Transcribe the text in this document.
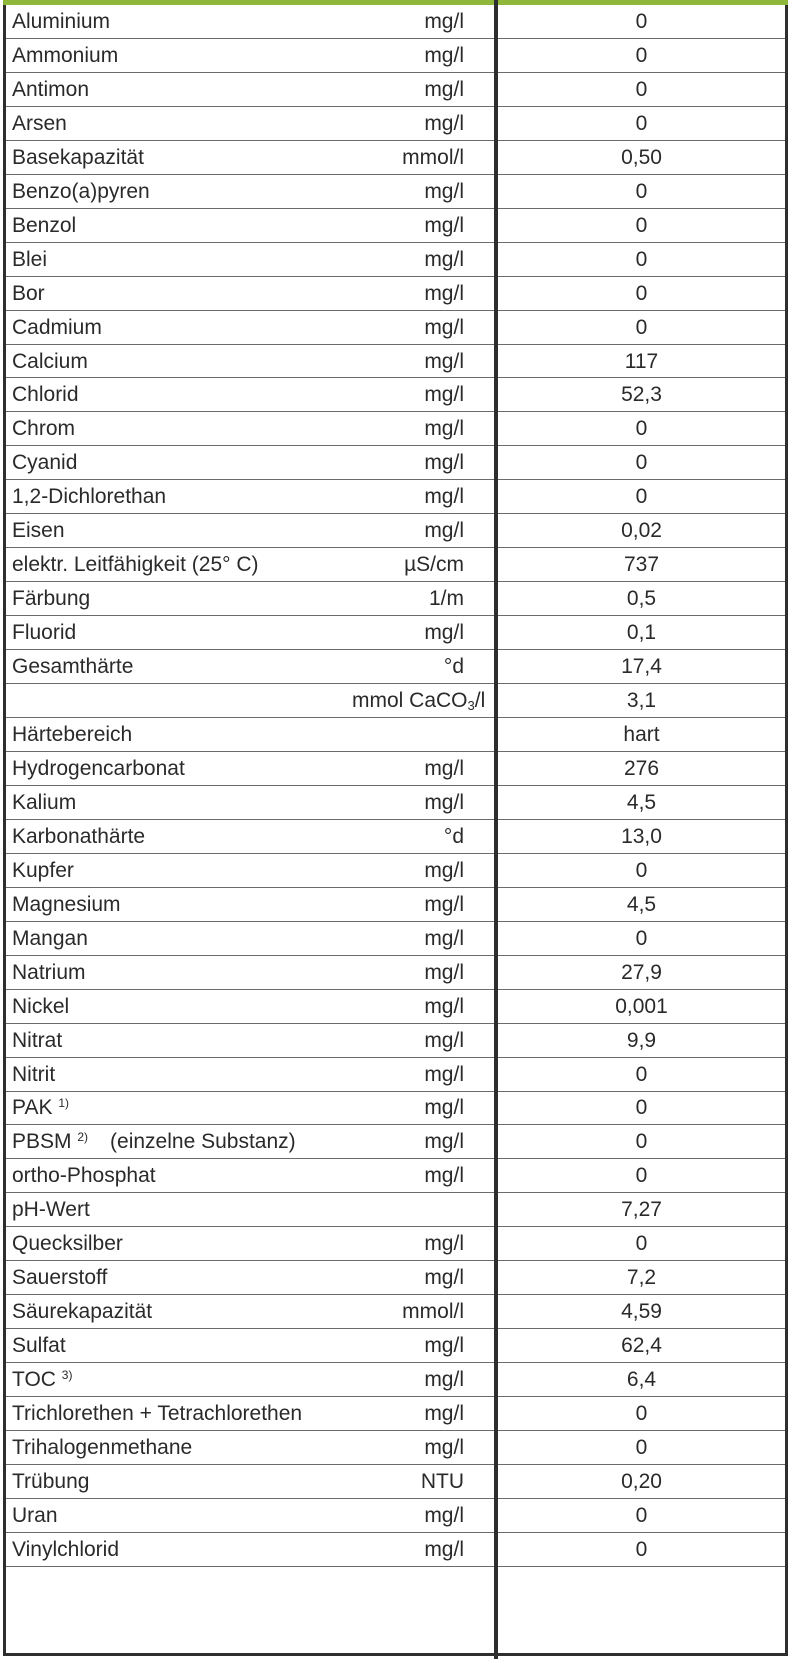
Aluminium	mg/l		0
Ammonium	mg/l		0
Antimon	mg/l		0
Arsen	mg/l		0
Basekapazität	mmol/l		0,50
Benzo(a)pyren	mg/l		0
Benzol	mg/l		0
Blei	mg/l		0
Bor	mg/l		0
Cadmium	mg/l		0
Calcium	mg/l		117
Chlorid	mg/l		52,3
Chrom	mg/l		0
Cyanid	mg/l		0
1,2-Dichlorethan	mg/l		0
Eisen	mg/l		0,02
elektr. Leitfähigkeit (25° C)	µS/cm		737
Färbung	1/m		0,5
Fluorid	mg/l		0,1
Gesamthärte	°d		17,4
	mmol CaCO$_3$/l		3,1
Härtebereich			hart
Hydrogencarbonat	mg/l		276
Kalium	mg/l		4,5
Karbonathärte	°d		13,0
Kupfer	mg/l		0
Magnesium	mg/l		4,5
Mangan	mg/l		0
Natrium	mg/l		27,9
Nickel	mg/l		0,001
Nitrat	mg/l		9,9
Nitrit	mg/l		0
PAK $^{1)}$	mg/l		0
PBSM $^{2)}$ (einzelne Substanz)	mg/l		0
ortho-Phosphat	mg/l		0
pH-Wert			7,27
Quecksilber	mg/l		0
Sauerstoff	mg/l		7,2
Säurekapazität	mmol/l		4,59
Sulfat	mg/l		62,4
TOC $^{3)}$	mg/l		6,4
Trichlorethen + Tetrachlorethen	mg/l		0
Trihalogenmethane	mg/l		0
Trübung	NTU		0,20
Uran	mg/l		0
Vinylchlorid	mg/l		0
